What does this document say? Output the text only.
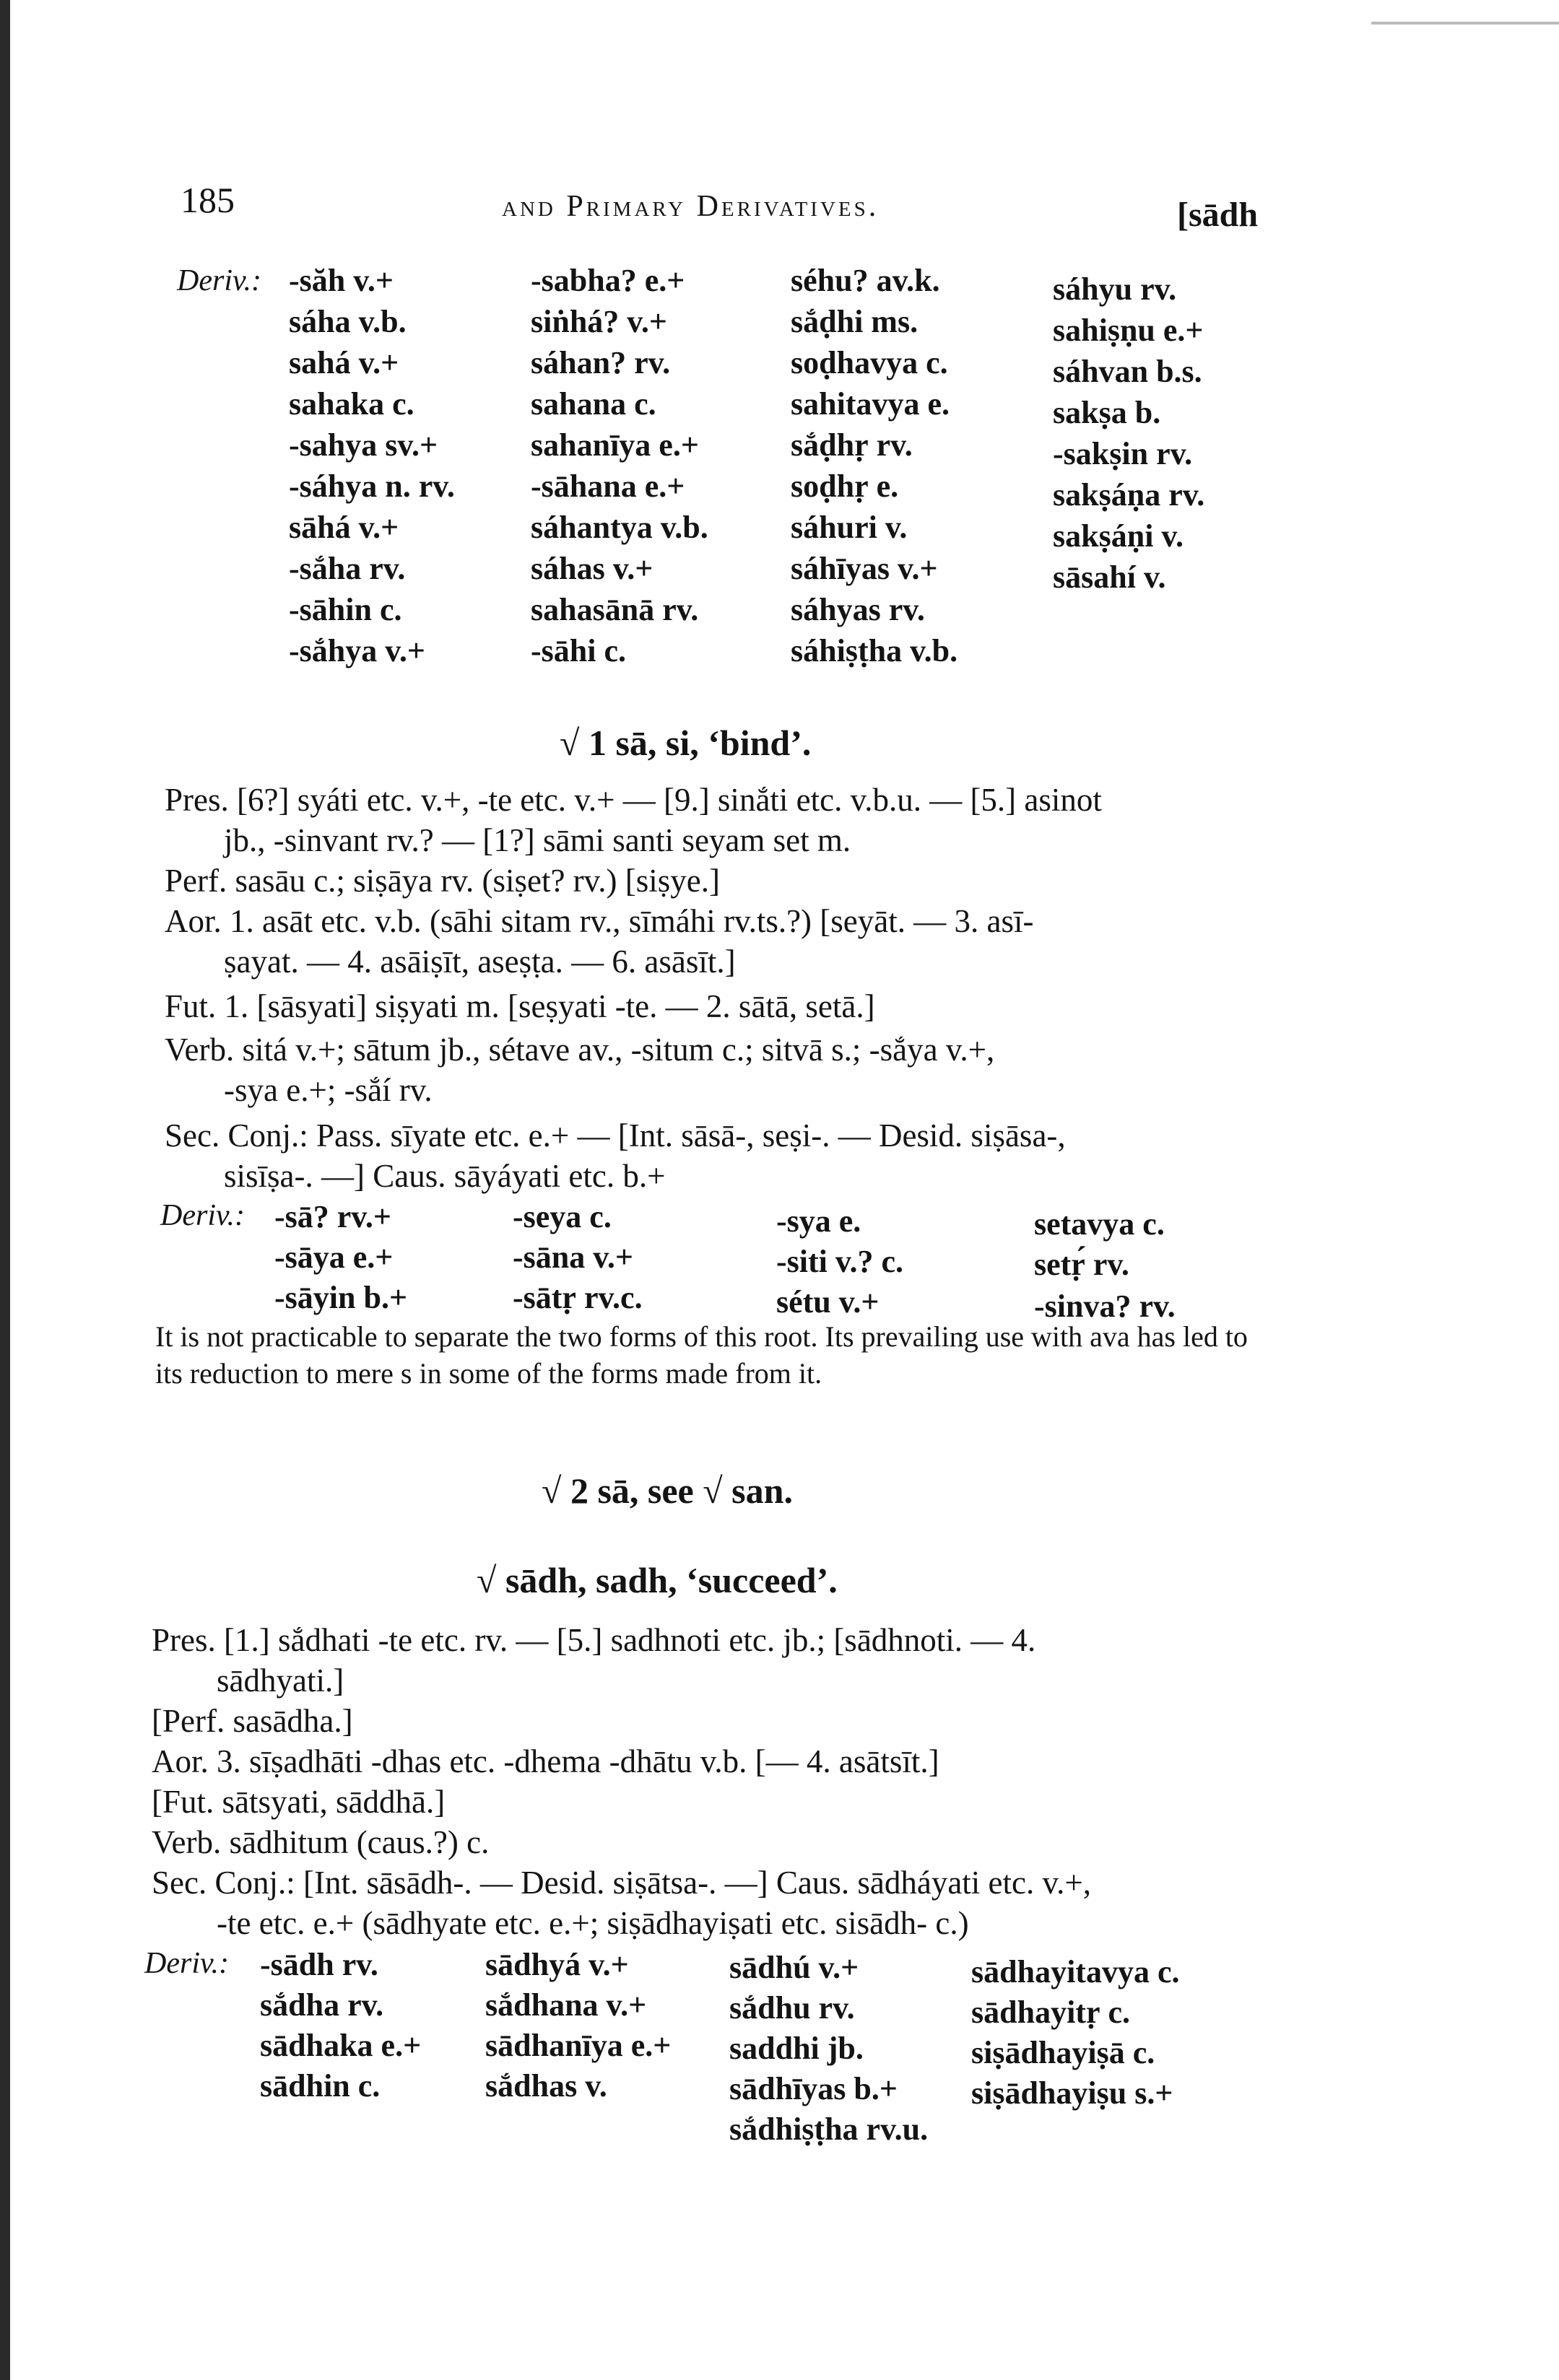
185	and Primary Derivatives.	[sādh
Deriv.: -săh v.+
sáha v.b.
sahá v.+
sahaka c.
-sahya sv.+
-sáhya n. rv.
sāhá v.+
-sắha rv.
-sāhin c.
-sắhya v.+
-sabha? e.+
siṅhá? v.+
sáhan? rv.
sahana c.
sahanīya e.+
-sāhana e.+
sáhantya v.b.
sáhas v.+
sahasānā rv.
-sāhi c.
séhu? av.k.
sắḍhi ms.
soḍhavya c.
sahitavya e.
sắḍhṛ rv.
soḍhṛ e.
sáhuri v.
sáhīyas v.+
sáhyas rv.
sáhiṣṭha v.b.
sáhyu rv.
sahiṣṇu e.+
sáhvan b.s.
sakṣa b.
-sakṣin rv.
sakṣáṇa rv.
sakṣáṇi v.
sāsahí v.
√ 1 sā, si, ‘bind’.
Pres. [6?] syáti etc. v.+, -te etc. v.+ — [9.] sinắti etc. v.b.u. — [5.] asinot
jb., -sinvant rv.? — [1?] sāmi santi seyam set m.
Perf. sasāu c.; siṣāya rv. (siṣet? rv.) [siṣye.]
Aor. 1. asāt etc. v.b. (sāhi sitam rv., sīmáhi rv.ts.?) [seyāt. — 3. asī-
ṣayat. — 4. asāiṣīt, aseṣṭa. — 6. asāsīt.]
Fut. 1. [sāsyati] siṣyati m. [seṣyati -te. — 2. sātā, setā.]
Verb. sitá v.+; sātum jb., sétave av., -situm c.; sitvā s.; -sắya v.+,
-sya e.+; -sắí rv.
Sec. Conj.: Pass. sīyate etc. e.+ — [Int. sāsā-, seṣi-. — Desid. siṣāsa-,
sisīṣa-. —] Caus. sāyáyati etc. b.+
Deriv.: -sā? rv.+
-sāya e.+
-sāyin b.+
-seya c.
-sāna v.+
-sātṛ rv.c.
-sya e.
-siti v.? c.
sétu v.+
setavya c.
setṛ́ rv.
-sinva? rv.
It is not practicable to separate the two forms of this root. Its prevailing use with ava has led to its reduction to mere s in some of the forms made from it.
√ 2 sā, see √ san.
√ sādh, sadh, ‘succeed’.
Pres. [1.] sắdhati -te etc. rv. — [5.] sadhnoti etc. jb.; [sādhnoti. — 4.
sādhyati.]
[Perf. sasādha.]
Aor. 3. sīṣadhāti -dhas etc. -dhema -dhātu v.b. [— 4. asātsīt.]
[Fut. sātsyati, sāddhā.]
Verb. sādhitum (caus.?) c.
Sec. Conj.: [Int. sāsādh-. — Desid. siṣātsa-. —] Caus. sādháyati etc. v.+,
-te etc. e.+ (sādhyate etc. e.+; siṣādhayiṣati etc. sisādh- c.)
Deriv.: -sādh rv.
sắdha rv.
sādhaka e.+
sādhin c.
sādhyá v.+
sắdhana v.+
sādhanīya e.+
sắdhas v.
sādhú v.+
sắdhu rv.
saddhi jb.
sādhīyas b.+
sắdhiṣṭha rv.u.
sādhayitavya c.
sādhayitṛ c.
siṣādhayiṣā c.
siṣādhayiṣu s.+
